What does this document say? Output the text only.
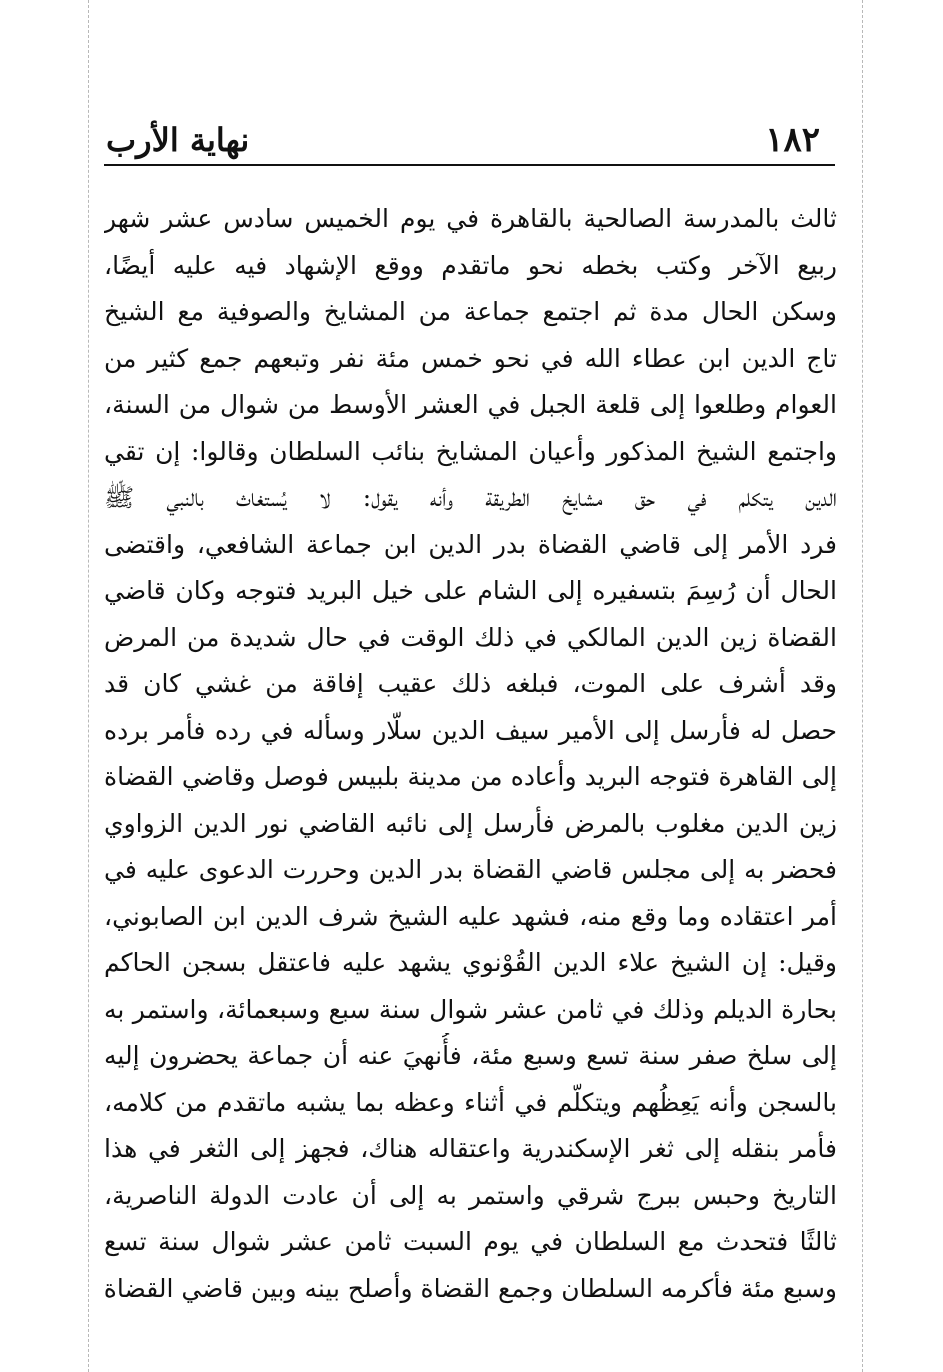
١٨٢
نهاية الأرب
ثالث بالمدرسة الصالحية بالقاهرة في يوم الخميس سادس عشر شهر
ربيع الآخر وكتب بخطه نحو ماتقدم ووقع الإشهاد فيه عليه أيضًا،
وسكن الحال مدة ثم اجتمع جماعة من المشايخ والصوفية مع الشيخ
تاج الدين ابن عطاء الله في نحو خمس مئة نفر وتبعهم جمع كثير من
العوام وطلعوا إلى قلعة الجبل في العشر الأوسط من شوال من السنة،
واجتمع الشيخ المذكور وأعيان المشايخ بنائب السلطان وقالوا: إن تقي
الدين يتكلم في حق مشايخ الطريقة وأنه يقول: لا يُستغاث بالنبي ﷺ
فرد الأمر إلى قاضي القضاة بدر الدين ابن جماعة الشافعي، واقتضى
الحال أن رُسِمَ بتسفيره إلى الشام على خيل البريد فتوجه وكان قاضي
القضاة زين الدين المالكي في ذلك الوقت في حال شديدة من المرض
وقد أشرف على الموت، فبلغه ذلك عقيب إفاقة من غشي كان قد
حصل له فأرسل إلى الأمير سيف الدين سلّار وسأله في رده فأمر برده
إلى القاهرة فتوجه البريد وأعاده من مدينة بلبيس فوصل وقاضي القضاة
زين الدين مغلوب بالمرض فأرسل إلى نائبه القاضي نور الدين الزواوي
فحضر به إلى مجلس قاضي القضاة بدر الدين وحررت الدعوى عليه في
أمر اعتقاده وما وقع منه، فشهد عليه الشيخ شرف الدين ابن الصابوني،
وقيل: إن الشيخ علاء الدين القُوْنوي يشهد عليه فاعتقل بسجن الحاكم
بحارة الديلم وذلك في ثامن عشر شوال سنة سبع وسبعمائة، واستمر به
إلى سلخ صفر سنة تسع وسبع مئة، فأُنهيَ عنه أن جماعة يحضرون إليه
بالسجن وأنه يَعِظُهم ويتكلّم في أثناء وعظه بما يشبه ماتقدم من كلامه،
فأمر بنقله إلى ثغر الإسكندرية واعتقاله هناك، فجهز إلى الثغر في هذا
التاريخ وحبس ببرج شرقي واستمر به إلى أن عادت الدولة الناصرية،
ثالثًا فتحدث مع السلطان في يوم السبت ثامن عشر شوال سنة تسع
وسبع مئة فأكرمه السلطان وجمع القضاة وأصلح بينه وبين قاضي القضاة
